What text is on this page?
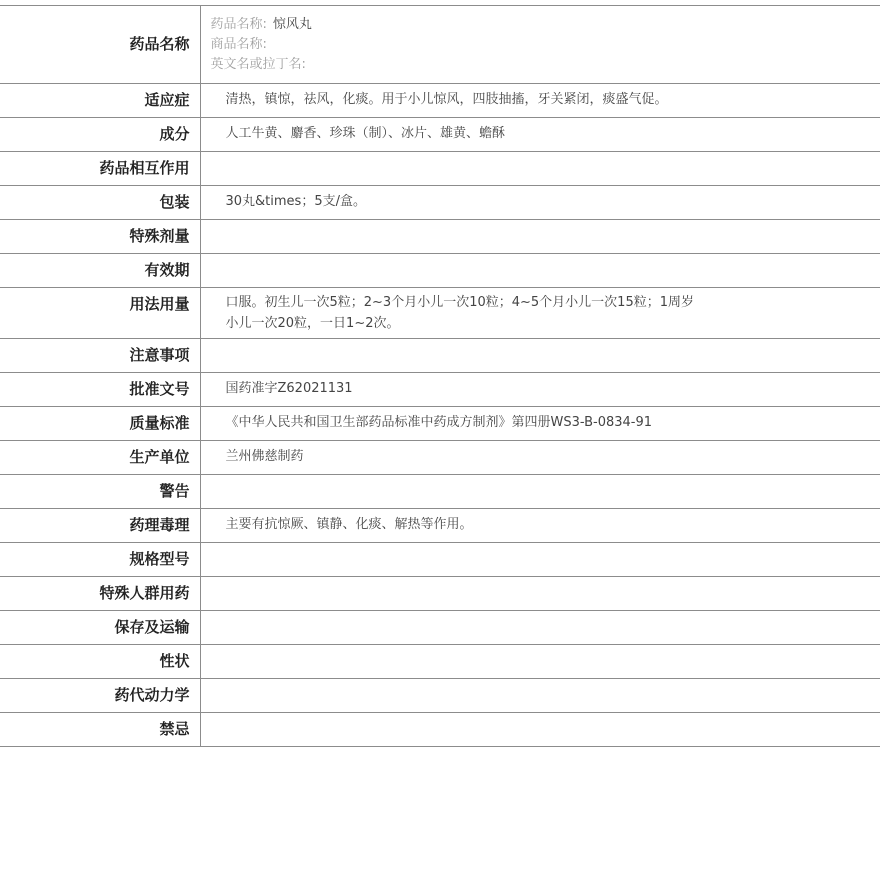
药品名称	药品名称: 惊风丸
商品名称:
英文名或拉丁名:

适应症	清热，镇惊，祛风，化痰。用于小儿惊风，四肢抽搐，牙关紧闭，痰盛气促。
成分	人工牛黄、麝香、珍珠（制）、冰片、雄黄、蟾酥
药品相互作用	
包装	30丸&times；5支/盒。
特殊剂量	
有效期	
用法用量	口服。初生儿一次5粒；2~3个月小儿一次10粒；4~5个月小儿一次15粒；1周岁
小儿一次20粒，一日1~2次。

注意事项	
批准文号	国药准字Z62021131
质量标准	《中华人民共和国卫生部药品标准中药成方制剂》第四册WS3-B-0834-91
生产单位	兰州佛慈制药
警告	
药理毒理	主要有抗惊厥、镇静、化痰、解热等作用。
规格型号	
特殊人群用药	
保存及运输	
性状	
药代动力学	
禁忌	
